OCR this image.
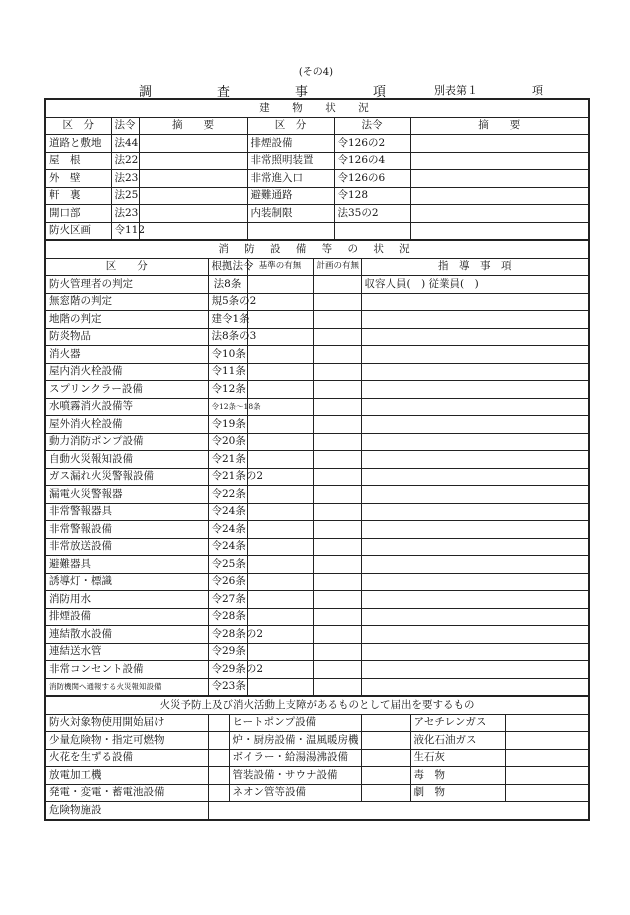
(その4)
調　査　事　項 別表第１	項
建　物　状　況										
区　分	法令	摘　　要			区　分		法令		摘　　要	
道路と敷地	法44				排煙設備		令126の2			
屋　根	法22				非常照明装置		令126の4			
外　壁	法23				非常進入口		令126の6			
軒　裏	法25				避難通路		令128			
開口部	法23				内装制限		法35の2			
防火区画	令112									
消 防 設 備 等 の 状 況										
区　　分			根拠法令		基準の有無	計画の有無		指　導　事　項		
防火管理者の判定			法8条					収容人員(　) 従業員(　)		
無窓階の判定			規5条の2							
地階の判定			建令1条							
防炎物品			法8条の3							
消火器			令10条							
屋内消火栓設備			令11条							
スプリンクラー設備			令12条							
水噴霧消火設備等			令12条～18条							
屋外消火栓設備			令19条							
動力消防ポンプ設備			令20条							
自動火災報知設備			令21条							
ガス漏れ火災警報設備			令21条の2							
漏電火災警報器			令22条							
非常警報器具			令24条							
非常警報設備			令24条							
非常放送設備			令24条							
避難器具			令25条							
誘導灯・標識			令26条							
消防用水			令27条							
排煙設備			令28条							
連結散水設備			令28条の2							
連結送水管			令29条							
非常コンセント設備			令29条の2							
消防機関へ通報する火災報知設備			令23条							
火災予防上及び消火活動上支障があるものとして届出を要するもの										
防火対象物使用開始届け				ヒートポンプ設備					アセチレンガス	
少量危険物・指定可燃物				炉・厨房設備・温風暖房機					液化石油ガス	
火花を生ずる設備				ボイラー・給湯湯沸設備					生石灰	
放電加工機				管装設備・サウナ設備					毒　物	
発電・変電・蓄電池設備				ネオン管等設備					劇　物	
危険物施設										
